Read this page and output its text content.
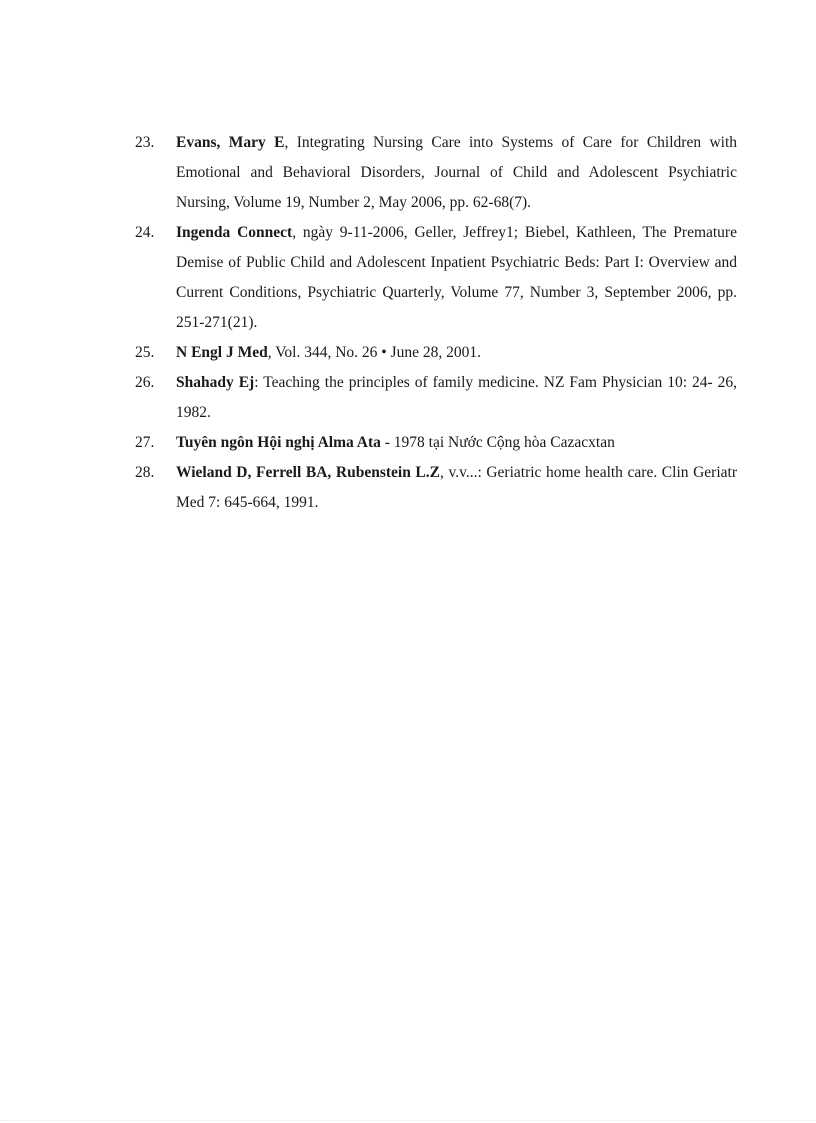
23.	Evans, Mary E, Integrating Nursing Care into Systems of Care for Children with Emotional and Behavioral Disorders, Journal of Child and Adolescent Psychiatric Nursing, Volume 19, Number 2, May 2006, pp. 62-68(7).
24.	Ingenda Connect, ngày 9-11-2006, Geller, Jeffrey1; Biebel, Kathleen, The Premature Demise of Public Child and Adolescent Inpatient Psychiatric Beds: Part I: Overview and Current Conditions, Psychiatric Quarterly, Volume 77, Number 3, September 2006, pp. 251-271(21).
25.	N Engl J Med, Vol. 344, No. 26 • June 28, 2001.
26.	Shahady Ej: Teaching the principles of family medicine. NZ Fam Physician 10: 24- 26, 1982.
27.	Tuyên ngôn Hội nghị Alma Ata - 1978 tại Nước Cộng hòa Cazacxtan
28.	Wieland D, Ferrell BA, Rubenstein L.Z, v.v...: Geriatric home health care. Clin Geriatr Med 7: 645-664, 1991.
